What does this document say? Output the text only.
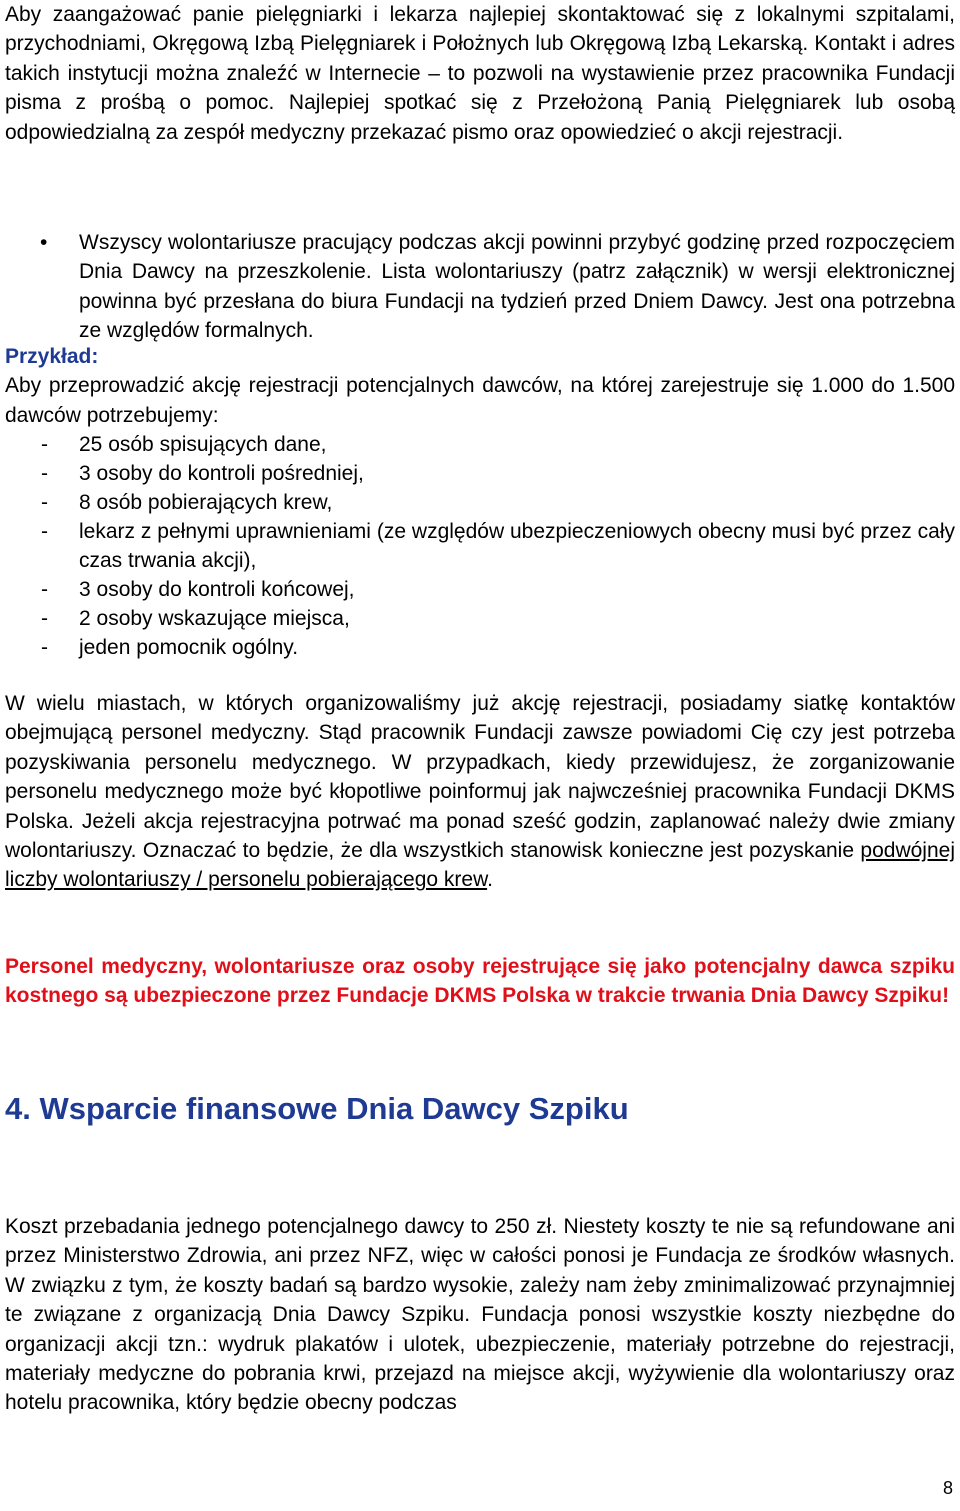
Aby zaangażować panie pielęgniarki i lekarza najlepiej skontaktować się z lokalnymi szpitalami, przychodniami, Okręgową Izbą Pielęgniarek i Położnych lub Okręgową Izbą Lekarską. Kontakt i adres takich instytucji można znaleźć w Internecie – to pozwoli na wystawienie przez pracownika Fundacji pisma z prośbą o pomoc. Najlepiej spotkać się z Przełożoną Panią Pielęgniarek lub osobą odpowiedzialną za zespół medyczny przekazać pismo oraz opowiedzieć o akcji rejestracji.

• Wszyscy wolontariusze pracujący podczas akcji powinni przybyć godzinę przed rozpoczęciem Dnia Dawcy na przeszkolenie. Lista wolontariuszy (patrz załącznik) w wersji elektronicznej powinna być przesłana do biura Fundacji na tydzień przed Dniem Dawcy. Jest ona potrzebna ze względów formalnych.

Przykład:
Aby przeprowadzić akcję rejestracji potencjalnych dawców, na której zarejestruje się 1.000 do 1.500 dawców potrzebujemy:

- 25 osób spisujących dane,

- 3 osoby do kontroli pośredniej,

- 8 osób pobierających krew,

- lekarz z pełnymi uprawnieniami (ze względów ubezpieczeniowych obecny musi być przez cały czas trwania akcji),

- 3 osoby do kontroli końcowej,

- 2 osoby wskazujące miejsca,

- jeden pomocnik ogólny.

W wielu miastach, w których organizowaliśmy już akcję rejestracji, posiadamy siatkę kontaktów obejmującą personel medyczny. Stąd pracownik Fundacji zawsze powiadomi Cię czy jest potrzeba pozyskiwania personelu medycznego. W przypadkach, kiedy przewidujesz, że zorganizowanie personelu medycznego może być kłopotliwe poinformuj jak najwcześniej pracownika Fundacji DKMS Polska. Jeżeli akcja rejestracyjna potrwać ma ponad sześć godzin, zaplanować należy dwie zmiany wolontariuszy. Oznaczać to będzie, że dla wszystkich stanowisk konieczne jest pozyskanie podwójnej liczby wolontariuszy / personelu pobierającego krew.

Personel medyczny, wolontariusze oraz osoby rejestrujące się jako potencjalny dawca szpiku kostnego są ubezpieczone przez Fundacje DKMS Polska w trakcie trwania Dnia Dawcy Szpiku!

4. Wsparcie finansowe Dnia Dawcy Szpiku

Koszt przebadania jednego potencjalnego dawcy to 250 zł. Niestety koszty te nie są refundowane ani przez Ministerstwo Zdrowia, ani przez NFZ, więc w całości ponosi je Fundacja ze środków własnych. W związku z tym, że koszty badań są bardzo wysokie, zależy nam żeby zminimalizować przynajmniej te związane z organizacją Dnia Dawcy Szpiku. Fundacja ponosi wszystkie koszty niezbędne do organizacji akcji tzn.: wydruk plakatów i ulotek, ubezpieczenie, materiały potrzebne do rejestracji, materiały medyczne do pobrania krwi, przejazd na miejsce akcji, wyżywienie dla wolontariuszy oraz hotelu pracownika, który będzie obecny podczas

8
